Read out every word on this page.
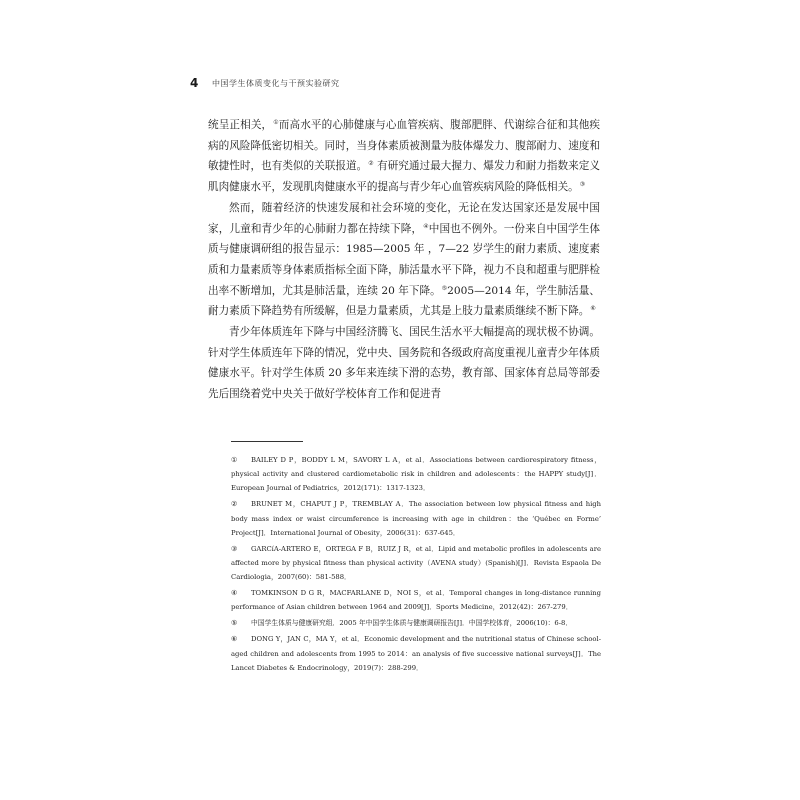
4	中国学生体质变化与干预实验研究

统呈正相关，①而高水平的心肺健康与心血管疾病、腹部肥胖、代谢综合征和其他疾病的风险降低密切相关。同时，当身体素质被测量为肢体爆发力、腹部耐力、速度和敏捷性时，也有类似的关联报道。② 有研究通过最大握力、爆发力和耐力指数来定义肌肉健康水平，发现肌肉健康水平的提高与青少年心血管疾病风险的降低相关。③

然而，随着经济的快速发展和社会环境的变化，无论在发达国家还是发展中国家，儿童和青少年的心肺耐力都在持续下降，④中国也不例外。一份来自中国学生体质与健康调研组的报告显示：1985—2005 年 ，7—22 岁学生的耐力素质、速度素质和力量素质等身体素质指标全面下降，肺活量水平下降，视力不良和超重与肥胖检出率不断增加，尤其是肺活量，连续 20 年下降。⑤2005—2014 年，学生肺活量、耐力素质下降趋势有所缓解，但是力量素质，尤其是上肢力量素质继续不断下降。⑥

青少年体质连年下降与中国经济腾飞、国民生活水平大幅提高的现状极不协调。针对学生体质连年下降的情况，党中央、国务院和各级政府高度重视儿童青少年体质健康水平。针对学生体质 20 多年来连续下滑的态势，教育部、国家体育总局等部委先后围绕着党中央关于做好学校体育工作和促进青

① BAILEY D P，BODDY L M，SAVORY L A，et al．Associations between cardiorespiratory fitness，physical activity and clustered cardiometabolic risk in children and adolescents：the HAPPY study[J]．European Journal of Pediatrics，2012(171)：1317-1323．
② BRUNET M，CHAPUT J P，TREMBLAY A．The association between low physical fitness and high body mass index or waist circumference is increasing with age in children：the ‘Québec en Forme’ Project[J]．International Journal of Obesity，2006(31)：637-645．
③ GARCíA-ARTERO E，ORTEGA F B，RUIZ J R，et al．Lipid and metabolic profiles in adolescents are affected more by physical fitness than physical activity（AVENA study）(Spanish)[J]．Revista Espaola De Cardiologia，2007(60)：581-588．
④ TOMKINSON D G R，MACFARLANE D，NOI S，et al．Temporal changes in long-distance running performance of Asian children between 1964 and 2009[J]．Sports Medicine，2012(42)：267-279．
⑤ 中国学生体质与健康研究组．2005 年中国学生体质与健康调研报告[J]．中国学校体育，2006(10)：6-8．
⑥ DONG Y，JAN C，MA Y，et al．Economic development and the nutritional status of Chinese school-aged children and adolescents from 1995 to 2014：an analysis of five successive national surveys[J]．The Lancet Diabetes & Endocrinology，2019(7)：288-299．
